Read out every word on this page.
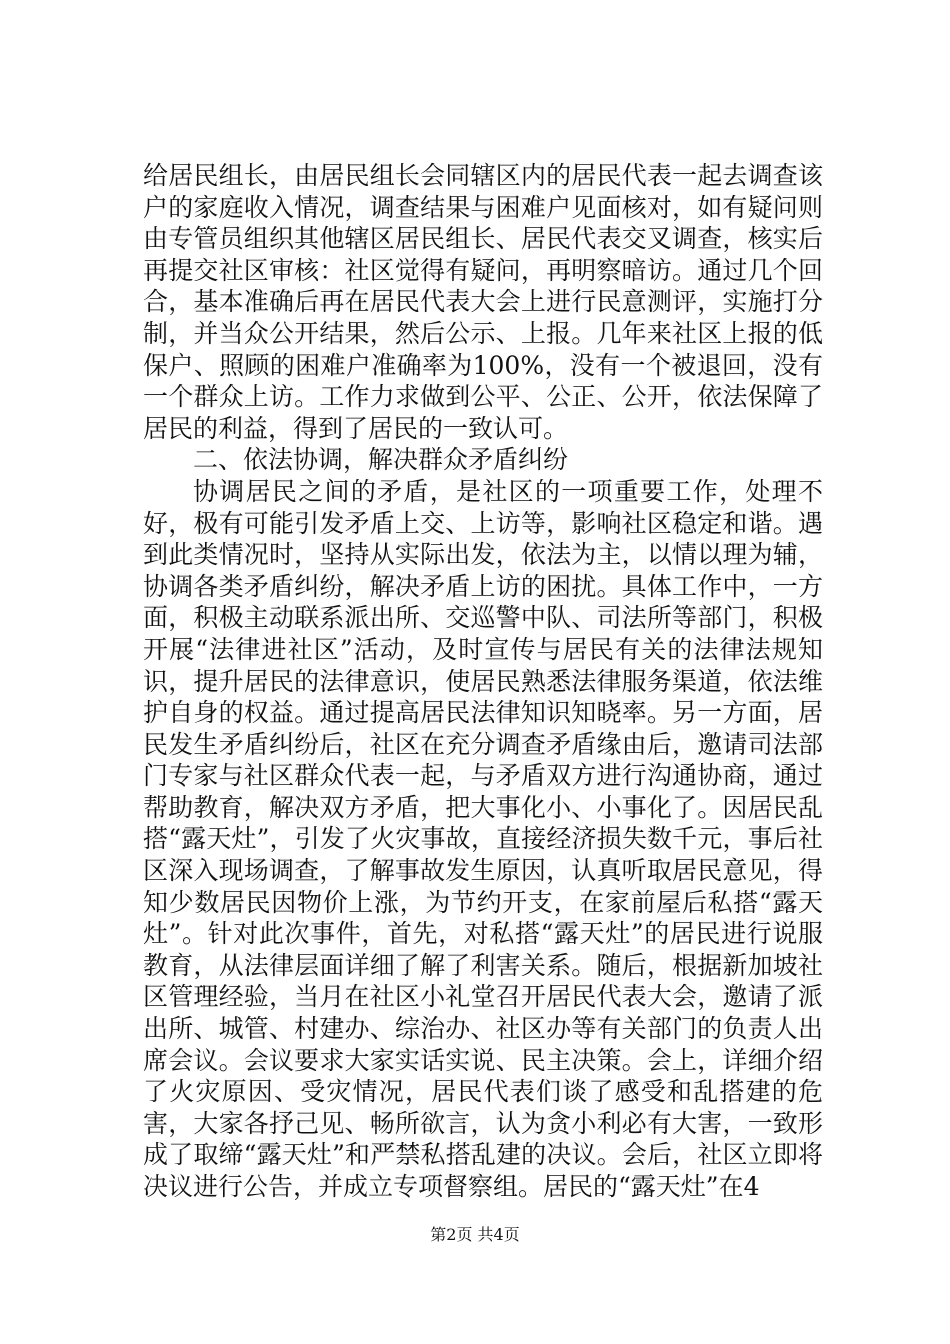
给居民组长，由居民组长会同辖区内的居民代表一起去调查该户的家庭收入情况，调查结果与困难户见面核对，如有疑问则由专管员组织其他辖区居民组长、居民代表交叉调查，核实后再提交社区审核：社区觉得有疑问，再明察暗访。通过几个回合，基本准确后再在居民代表大会上进行民意测评，实施打分制，并当众公开结果，然后公示、上报。几年来社区上报的低保户、照顾的困难户准确率为100%，没有一个被退回，没有一个群众上访。工作力求做到公平、公正、公开，依法保障了居民的利益，得到了居民的一致认可。

二、依法协调，解决群众矛盾纠纷

协调居民之间的矛盾，是社区的一项重要工作，处理不好，极有可能引发矛盾上交、上访等，影响社区稳定和谐。遇到此类情况时，坚持从实际出发，依法为主，以情以理为辅，协调各类矛盾纠纷，解决矛盾上访的困扰。具体工作中，一方面，积极主动联系派出所、交巡警中队、司法所等部门，积极开展“法律进社区”活动，及时宣传与居民有关的法律法规知识，提升居民的法律意识，使居民熟悉法律服务渠道，依法维护自身的权益。通过提高居民法律知识知晓率。另一方面，居民发生矛盾纠纷后，社区在充分调查矛盾缘由后，邀请司法部门专家与社区群众代表一起，与矛盾双方进行沟通协商，通过帮助教育，解决双方矛盾，把大事化小、小事化了。因居民乱搭“露天灶”，引发了火灾事故，直接经济损失数千元，事后社区深入现场调查，了解事故发生原因，认真听取居民意见，得知少数居民因物价上涨，为节约开支，在家前屋后私搭“露天灶”。针对此次事件，首先，对私搭“露天灶”的居民进行说服教育，从法律层面详细了解了利害关系。随后，根据新加坡社区管理经验，当月在社区小礼堂召开居民代表大会，邀请了派出所、城管、村建办、综治办、社区办等有关部门的负责人出席会议。会议要求大家实话实说、民主决策。会上，详细介绍了火灾原因、受灾情况，居民代表们谈了感受和乱搭建的危害，大家各抒己见、畅所欲言，认为贪小利必有大害，一致形成了取缔“露天灶”和严禁私搭乱建的决议。会后，社区立即将决议进行公告，并成立专项督察组。居民的“露天灶”在4

第2页 共4页
